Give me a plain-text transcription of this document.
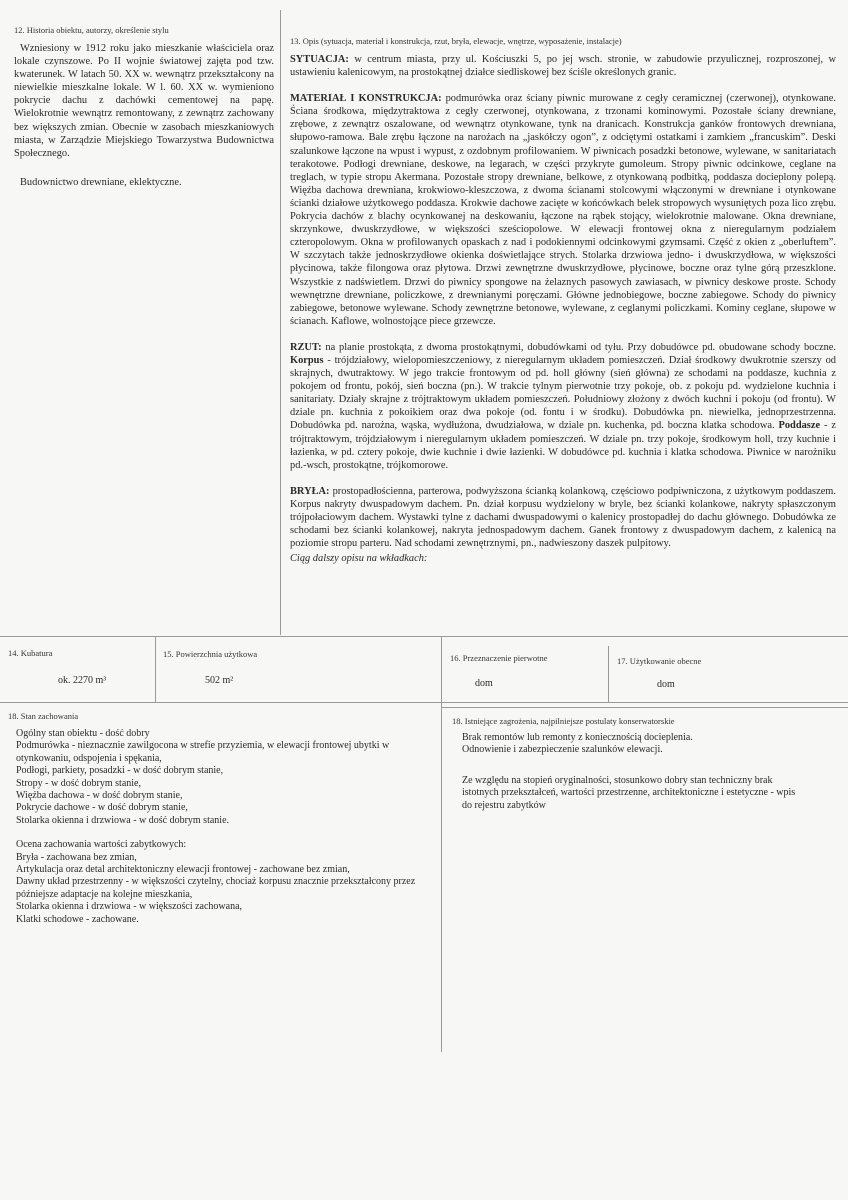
12. Historia obiektu, autorzy, określenie stylu
Wzniesiony w 1912 roku jako mieszkanie właściciela oraz lokale czynszowe. Po II wojnie światowej zajęta pod tzw. kwaterunek. W latach 50. XX w. wewnątrz przekształcony na niewielkie mieszkalne lokale. W l. 60. XX w. wymieniono pokrycie dachu z dachówki cementowej na papę. Wielokrotnie wewnątrz remontowany, z zewnątrz zachowany bez większych zmian. Obecnie w zasobach mieszkaniowych miasta, w Zarządzie Miejskiego Towarzystwa Budownictwa Społecznego.
Budownictwo drewniane, eklektyczne.
13. Opis (sytuacja, materiał i konstrukcja, rzut, bryła, elewacje, wnętrze, wyposażenie, instalacje)

SYTUACJA: w centrum miasta, przy ul. Kościuszki 5, po jej wsch. stronie, w zabudowie przyulicznej, rozproszonej, w ustawieniu kalenicowym, na prostokątnej działce siedliskowej bez ściśle określonych granic.

MATERIAŁ I KONSTRUKCJA: podmurówka oraz ściany piwnic murowane z cegły ceramicznej (czerwonej), otynkowane. Ściana środkowa, międzytraktowa z cegły czerwonej, otynkowana, z trzonami kominowymi. Pozostałe ściany drewniane, zrębowe, z zewnątrz oszalowane, od wewnątrz otynkowane, tynk na dranicach. Konstrukcja ganków frontowych drewniana, słupowo-ramowa. Bale zrębu łączone na narożach na „jaskółczy ogon”, z odciętymi ostatkami i zamkiem „francuskim”. Deski szalunkowe łączone na wpust i wypust, z ozdobnym profilowaniem. W piwnicach posadzki betonowe, wylewane, w sanitariatach terakotowe. Podłogi drewniane, deskowe, na legarach, w części przykryte gumoleum. Stropy piwnic odcinkowe, ceglane na treglach, w typie stropu Akermana. Pozostałe stropy drewniane, belkowe, z otynkowaną podbitką, poddasza docieplony polepą. Więźba dachowa drewniana, krokwiowo-kleszczowa, z dwoma ścianami stolcowymi włączonymi w drewniane i otynkowane ścianki działowe użytkowego poddasza. Krokwie dachowe zacięte w końcówkach belek stropowych wysuniętych poza lico zrębu. Pokrycia dachów z blachy ocynkowanej na deskowaniu, łączone na rąbek stojący, wielokrotnie malowane. Okna drewniane, skrzynkowe, dwuskrzydłowe, w większości sześciopolowe. W elewacji frontowej okna z nieregularnym podziałem czteropolowym. Okna w profilowanych opaskach z nad i podokiennymi odcinkowymi gzymsami. Część z okien z „oberluftem”. W szczytach także jednoskrzydłowe okienka doświetlające strych. Stolarka drzwiowa jedno- i dwuskrzydłowa, w większości płycinowa, także filongowa oraz płytowa. Drzwi zewnętrzne dwuskrzydłowe, płycinowe, boczne oraz tylne górą przeszklone. Wszystkie z nadświetlem. Drzwi do piwnicy spongowe na żelaznych pasowych zawiasach, w piwnicy deskowe proste. Schody wewnętrzne drewniane, policzkowe, z drewnianymi poręczami. Główne jednobiegowe, boczne zabiegowe. Schody do piwnicy zabiegowe, betonowe wylewane. Schody zewnętrzne betonowe, wylewane, z ceglanymi policzkami. Kominy ceglane, słupowe w ścianach. Kaflowe, wolnostojące piece grzewcze.

RZUT: na planie prostokąta, z dwoma prostokątnymi, dobudówkami od tyłu. Przy dobudówce pd. obudowane schody boczne. Korpus - trójdziałowy, wielopomieszczeniowy, z nieregularnym układem pomieszczeń. Dział środkowy dwukrotnie szerszy od skrajnych, dwutraktowy. W jego trakcie frontowym od pd. holl główny (sień główna) ze schodami na poddasze, kuchnia z pokojem od frontu, pokój, sień boczna (pn.). W trakcie tylnym pierwotnie trzy pokoje, ob. z pokoju pd. wydzielone kuchnia i sanitariaty. Działy skrajne z trójtraktowym układem pomieszczeń. Południowy złożony z dwóch kuchni i pokoju (od frontu). W dziale pn. kuchnia z pokoikiem oraz dwa pokoje (od. fontu i w środku). Dobudówka pn. niewielka, jednoprzestrzenna. Dobudówka pd. narożna, wąska, wydłużona, dwudziałowa, w dziale pn. kuchenka, pd. boczna klatka schodowa. Poddasze - z trójtraktowym, trójdziałowym i nieregularnym układem pomieszczeń. W dziale pn. trzy pokoje, środkowym holl, trzy kuchnie i łazienka, w pd. cztery pokoje, dwie kuchnie i dwie łazienki. W dobudówce pd. kuchnia i klatka schodowa. Piwnice w narożniku pd.-wsch, prostokątne, trójkomorowe.

BRYŁA: prostopadłościenna, parterowa, podwyższona ścianką kolankową, częściowo podpiwniczona, z użytkowym poddaszem. Korpus nakryty dwuspadowym dachem. Pn. dział korpusu wydzielony w bryle, bez ścianki kolankowe, nakryty spłaszczonym trójpołaciowym dachem. Wystawki tylne z dachami dwuspadowymi o kalenicy prostopadłej do dachu głównego. Dobudówka ze schodami bez ścianki kolankowej, nakryta jednospadowym dachem. Ganek frontowy z dwuspadowym dachem, z kalenicą na poziomie stropu parteru. Nad schodami zewnętrznymi, pn., nadwieszony daszek pulpitowy.

Ciąg dalszy opisu na wkładkach:
14. Kubatura
ok. 2270 m³
15. Powierzchnia użytkowa
502 m²
16. Przeznaczenie pierwotne
dom
17. Użytkowanie obecne
dom
18. Stan zachowania
Ogólny stan obiektu - dość dobry
Podmurówka - nieznacznie zawilgocona w strefie przyziemia, w elewacji frontowej ubytki w otynkowaniu, odspojenia i spękania,
Podłogi, parkiety, posadzki - w dość dobrym stanie,
Stropy - w dość dobrym stanie,
Więźba dachowa - w dość dobrym stanie,
Pokrycie dachowe - w dość dobrym stanie,
Stolarka okienna i drzwiowa - w dość dobrym stanie.
Ocena zachowania wartości zabytkowych:
Bryła - zachowana bez zmian,
Artykulacja oraz detal architektoniczny elewacji frontowej - zachowane bez zmian,
Dawny układ przestrzenny - w większości czytelny, chociaż korpusu znacznie przekształcony przez późniejsze adaptacje na kolejne mieszkania,
Stolarka okienna i drzwiowa - w większości zachowana,
Klatki schodowe - zachowane.
18. Istniejące zagrożenia, najpilniejsze postulaty konserwatorskie
Brak remontów lub remonty z koniecznością docieplenia.
Odnowienie i zabezpieczenie szalunków elewacji.
Ze względu na stopień oryginalności, stosunkowo dobry stan techniczny brak istotnych przekształceń, wartości przestrzenne, architektoniczne i estetyczne - wpis do rejestru zabytków
